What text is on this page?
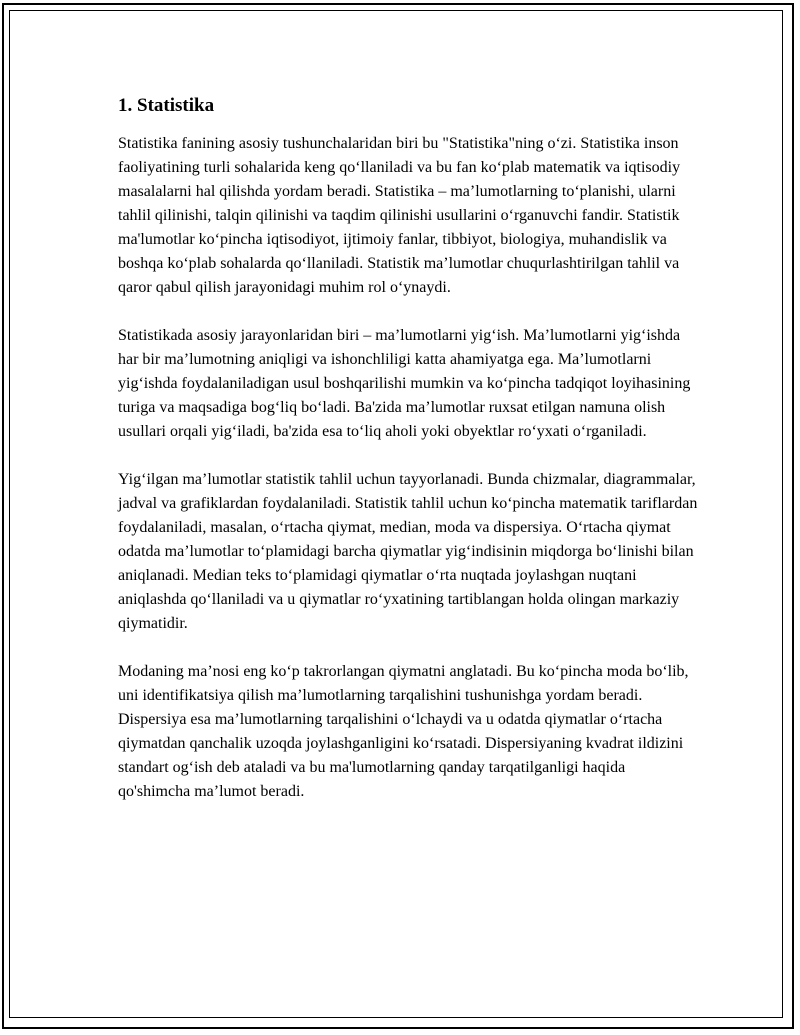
1. Statistika

Statistika fanining asosiy tushunchalaridan biri bu "Statistika"ning o‘zi. Statistika inson faoliyatining turli sohalarida keng qo‘llaniladi va bu fan ko‘plab matematik va iqtisodiy masalalarni hal qilishda yordam beradi. Statistika – ma’lumotlarning to‘planishi, ularni tahlil qilinishi, talqin qilinishi va taqdim qilinishi usullarini o‘rganuvchi fandir. Statistik ma'lumotlar ko‘pincha iqtisodiyot, ijtimoiy fanlar, tibbiyot, biologiya, muhandislik va boshqa ko‘plab sohalarda qo‘llaniladi. Statistik ma’lumotlar chuqurlashtirilgan tahlil va qaror qabul qilish jarayonidagi muhim rol o‘ynaydi.

Statistikada asosiy jarayonlaridan biri – ma’lumotlarni yig‘ish. Ma’lumotlarni yig‘ishda har bir ma’lumotning aniqligi va ishonchliligi katta ahamiyatga ega. Ma’lumotlarni yig‘ishda foydalaniladigan usul boshqarilishi mumkin va ko‘pincha tadqiqot loyihasining turiga va maqsadiga bog‘liq bo‘ladi. Ba'zida ma’lumotlar ruxsat etilgan namuna olish usullari orqali yig‘iladi, ba'zida esa to‘liq aholi yoki obyektlar ro‘yxati o‘rganiladi.

Yig‘ilgan ma’lumotlar statistik tahlil uchun tayyorlanadi. Bunda chizmalar, diagrammalar, jadval va grafiklardan foydalaniladi. Statistik tahlil uchun ko‘pincha matematik tariflardan foydalaniladi, masalan, o‘rtacha qiymat, median, moda va dispersiya. O‘rtacha qiymat odatda ma’lumotlar to‘plamidagi barcha qiymatlar yig‘indisinin miqdorga bo‘linishi bilan aniqlanadi. Median teks to‘plamidagi qiymatlar o‘rta nuqtada joylashgan nuqtani aniqlashda qo‘llaniladi va u qiymatlar ro‘yxatining tartiblangan holda olingan markaziy qiymatidir.

Modaning ma’nosi eng ko‘p takrorlangan qiymatni anglatadi. Bu ko‘pincha moda bo‘lib, uni identifikatsiya qilish ma’lumotlarning tarqalishini tushunishga yordam beradi. Dispersiya esa ma’lumotlarning tarqalishini o‘lchaydi va u odatda qiymatlar o‘rtacha qiymatdan qanchalik uzoqda joylashganligini ko‘rsatadi. Dispersiyaning kvadrat ildizini standart og‘ish deb ataladi va bu ma'lumotlarning qanday tarqatilganligi haqida qo'shimcha ma’lumot beradi.
